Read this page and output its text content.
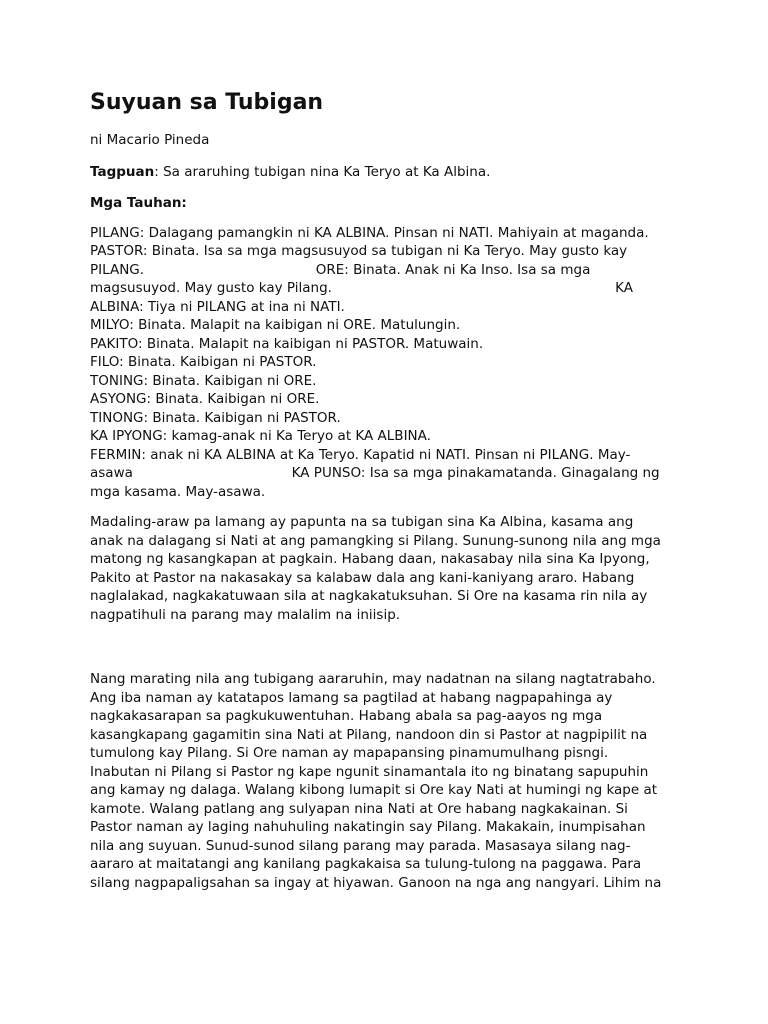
Suyuan sa Tubigan

ni Macario Pineda

Tagpuan: Sa araruhing tubigan nina Ka Teryo at Ka Albina.

Mga Tauhan:

PILANG: Dalagang pamangkin ni KA ALBINA. Pinsan ni NATI. Mahiyain at maganda.
PASTOR: Binata. Isa sa mga magsusuyod sa tubigan ni Ka Teryo. May gusto kay
PILANG.                                        ORE: Binata. Anak ni Ka Inso. Isa sa mga
magsusuyod. May gusto kay Pilang.                                                                  KA
ALBINA: Tiya ni PILANG at ina ni NATI.
MILYO: Binata. Malapit na kaibigan ni ORE. Matulungin.
PAKITO: Binata. Malapit na kaibigan ni PASTOR. Matuwain.
FILO: Binata. Kaibigan ni PASTOR.
TONING: Binata. Kaibigan ni ORE.
ASYONG: Binata. Kaibigan ni ORE.
TINONG: Binata. Kaibigan ni PASTOR.
KA IPYONG: kamag-anak ni Ka Teryo at KA ALBINA.
FERMIN: anak ni KA ALBINA at Ka Teryo. Kapatid ni NATI. Pinsan ni PILANG. May-
asawa                                     KA PUNSO: Isa sa mga pinakamatanda. Ginagalang ng
mga kasama. May-asawa.
Madaling-araw pa lamang ay papunta na sa tubigan sina Ka Albina, kasama ang
anak na dalagang si Nati at ang pamangking si Pilang. Sunung-sunong nila ang mga
matong ng kasangkapan at pagkain. Habang daan, nakasabay nila sina Ka Ipyong,
Pakito at Pastor na nakasakay sa kalabaw dala ang kani-kaniyang araro. Habang
naglalakad, nagkakatuwaan sila at nagkakatuksuhan. Si Ore na kasama rin nila ay
nagpatihuli na parang may malalim na iniisip.
Nang marating nila ang tubigang aararuhin, may nadatnan na silang nagtatrabaho.
Ang iba naman ay katatapos lamang sa pagtilad at habang nagpapahinga ay
nagkakasarapan sa pagkukuwentuhan. Habang abala sa pag-aayos ng mga
kasangkapang gagamitin sina Nati at Pilang, nandoon din si Pastor at nagpipilit na
tumulong kay Pilang. Si Ore naman ay mapapansing pinamumulhang pisngi.
Inabutan ni Pilang si Pastor ng kape ngunit sinamantala ito ng binatang sapupuhin
ang kamay ng dalaga. Walang kibong lumapit si Ore kay Nati at humingi ng kape at
kamote. Walang patlang ang sulyapan nina Nati at Ore habang nagkakainan. Si
Pastor naman ay laging nahuhuling nakatingin say Pilang. Makakain, inumpisahan
nila ang suyuan. Sunud-sunod silang parang may parada. Masasaya silang nag-
aararo at maitatangi ang kanilang pagkakaisa sa tulung-tulong na paggawa. Para
silang nagpapaligsahan sa ingay at hiyawan. Ganoon na nga ang nangyari. Lihim na
